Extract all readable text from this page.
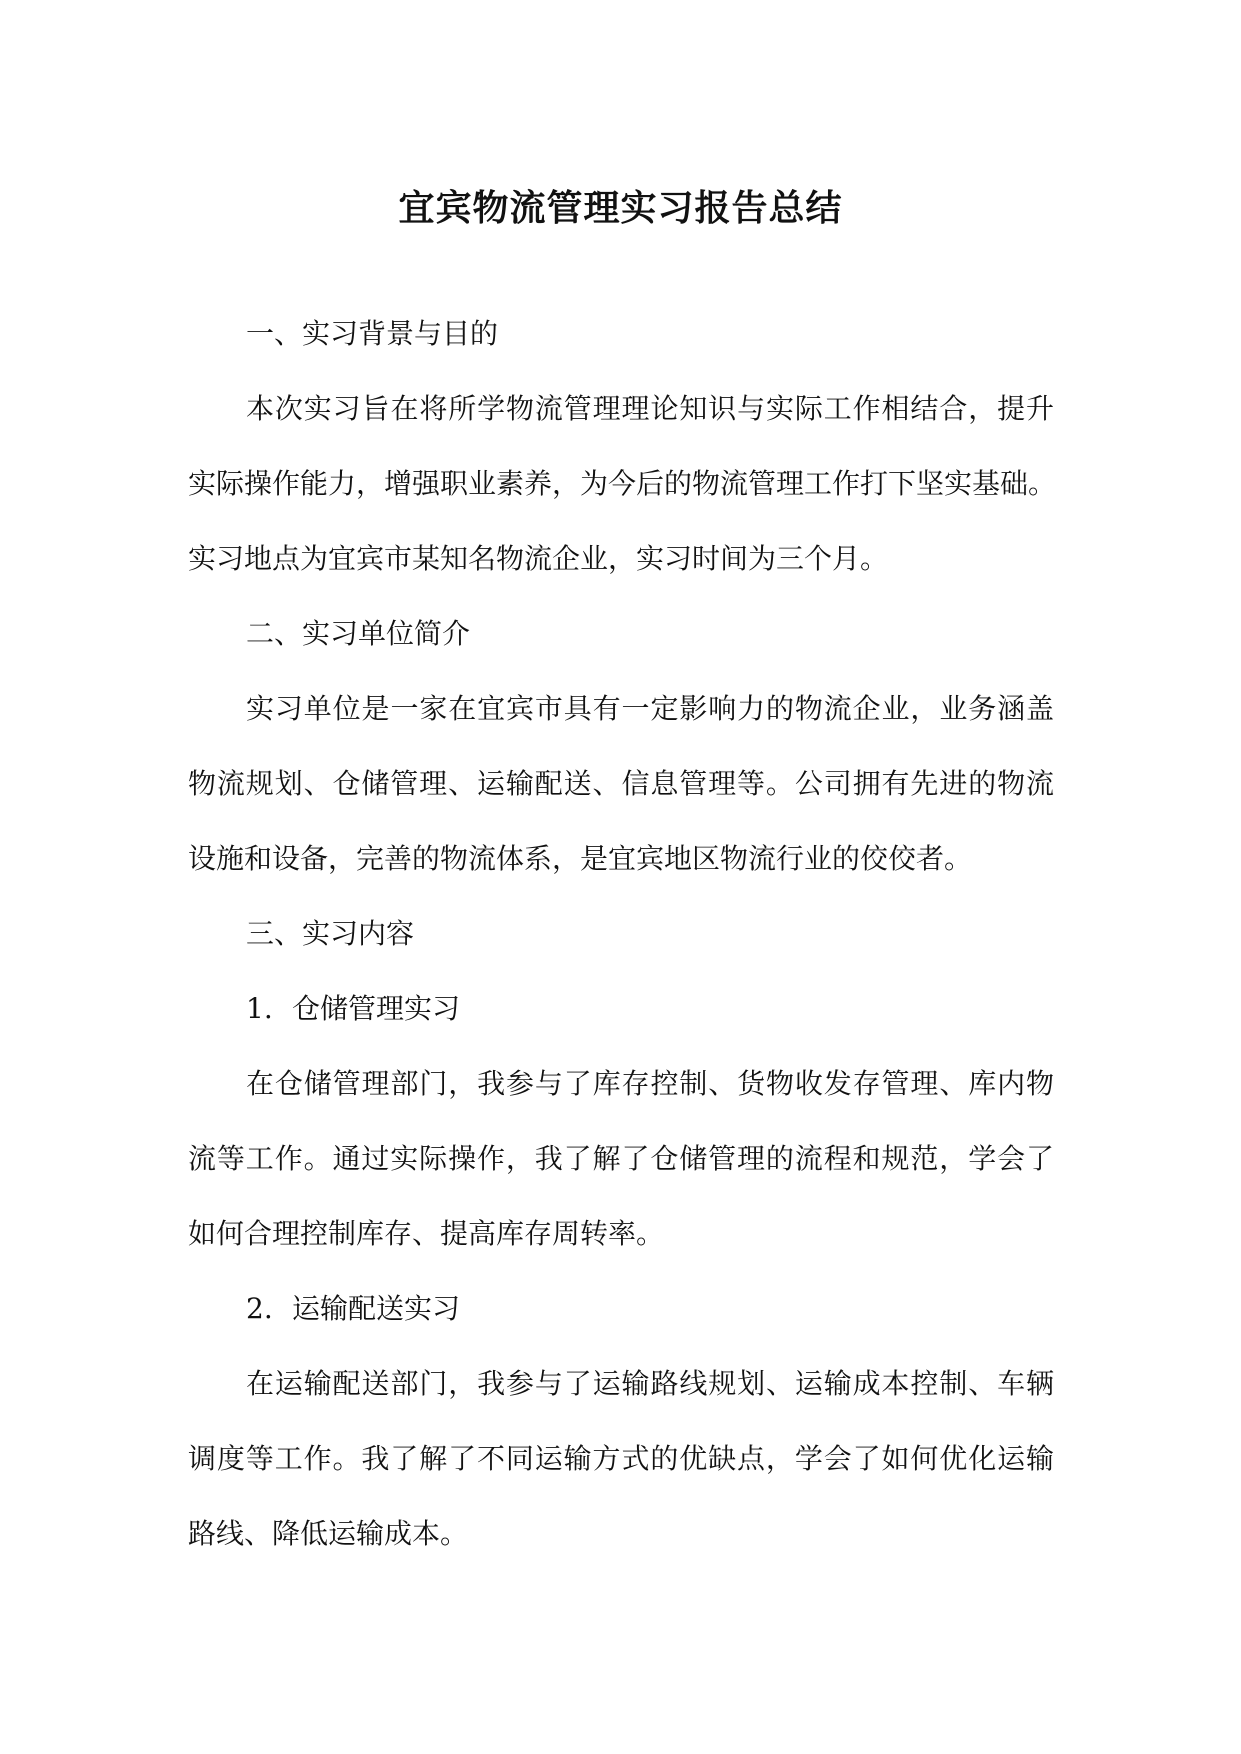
宜宾物流管理实习报告总结
一、实习背景与目的
本次实习旨在将所学物流管理理论知识与实际工作相结合，提升
实际操作能力，增强职业素养，为今后的物流管理工作打下坚实基础。
实习地点为宜宾市某知名物流企业，实习时间为三个月。
二、实习单位简介
实习单位是一家在宜宾市具有一定影响力的物流企业，业务涵盖
物流规划、仓储管理、运输配送、信息管理等。公司拥有先进的物流
设施和设备，完善的物流体系，是宜宾地区物流行业的佼佼者。
三、实习内容
1. 仓储管理实习
在仓储管理部门，我参与了库存控制、货物收发存管理、库内物
流等工作。通过实际操作，我了解了仓储管理的流程和规范，学会了
如何合理控制库存、提高库存周转率。
2. 运输配送实习
在运输配送部门，我参与了运输路线规划、运输成本控制、车辆
调度等工作。我了解了不同运输方式的优缺点，学会了如何优化运输
路线、降低运输成本。
